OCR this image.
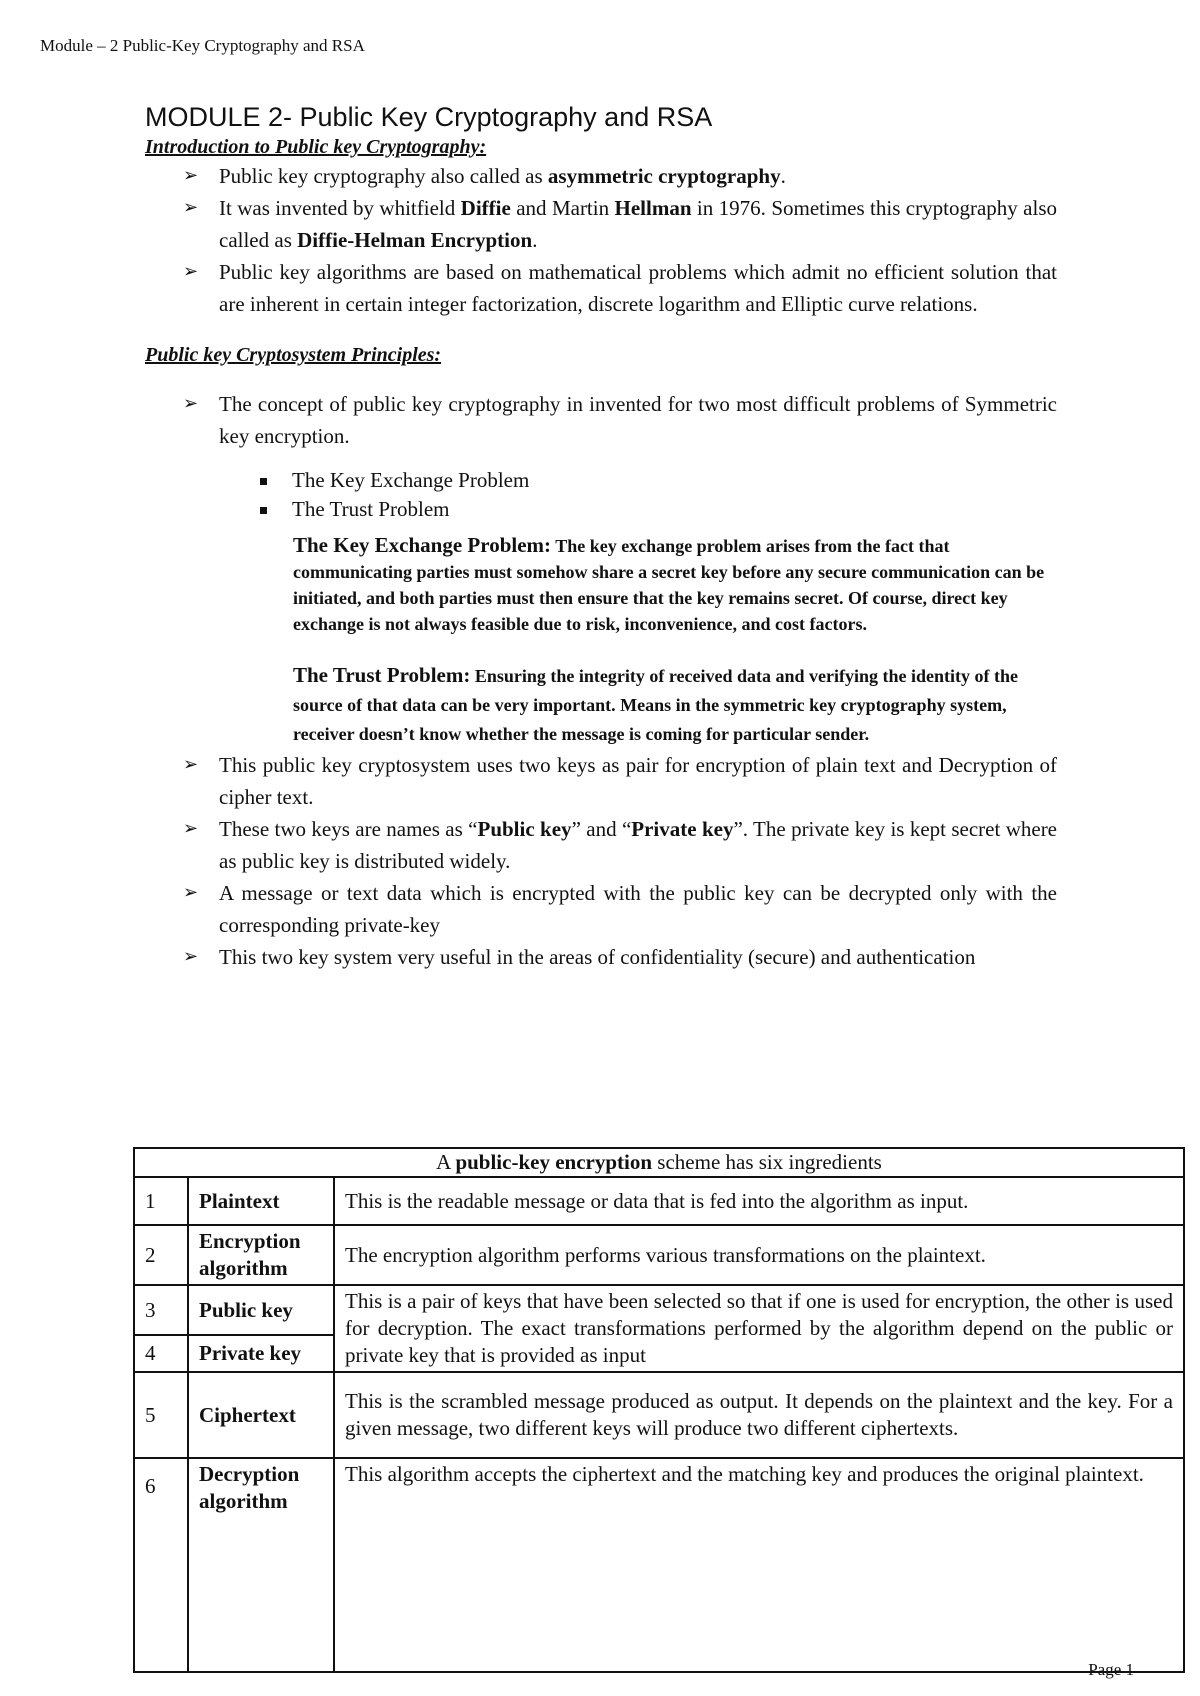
Module – 2 Public-Key Cryptography and RSA
MODULE 2- Public Key Cryptography and RSA

Introduction to Public key Cryptography:

➢ Public key cryptography also called as asymmetric cryptography.
➢ It was invented by whitfield Diffie and Martin Hellman in 1976. Sometimes this cryptography also called as Diffie-Helman Encryption.
➢ Public key algorithms are based on mathematical problems which admit no efficient solution that are inherent in certain integer factorization, discrete logarithm and Elliptic curve relations.

Public key Cryptosystem Principles:

➢ The concept of public key cryptography in invented for two most difficult problems of Symmetric key encryption.
The Key Exchange Problem
The Trust Problem
The Key Exchange Problem: The key exchange problem arises from the fact that communicating parties must somehow share a secret key before any secure communication can be initiated, and both parties must then ensure that the key remains secret. Of course, direct key exchange is not always feasible due to risk, inconvenience, and cost factors.
The Trust Problem: Ensuring the integrity of received data and verifying the identity of the source of that data can be very important. Means in the symmetric key cryptography system, receiver doesn’t know whether the message is coming for particular sender.
➢ This public key cryptosystem uses two keys as pair for encryption of plain text and Decryption of cipher text.
➢ These two keys are names as “Public key” and “Private key”. The private key is kept secret where as public key is distributed widely.
➢ A message or text data which is encrypted with the public key can be decrypted only with the corresponding private-key
➢ This two key system very useful in the areas of confidentiality (secure) and authentication
A public-key encryption scheme has six ingredients		
1	Plaintext	This is the readable message or data that is fed into the algorithm as input.
2	Encryption algorithm	The encryption algorithm performs various transformations on the plaintext.
3	Public key	This is a pair of keys that have been selected so that if one is used for encryption, the other is used for decryption. The exact transformations performed by the algorithm depend on the public or private key that is provided as input
4	Private key	
5	Ciphertext	This is the scrambled message produced as output. It depends on the plaintext and the key. For a given message, two different keys will produce two different ciphertexts.
6	Decryption algorithm	This algorithm accepts the ciphertext and the matching key and produces the original plaintext.
Page 1
